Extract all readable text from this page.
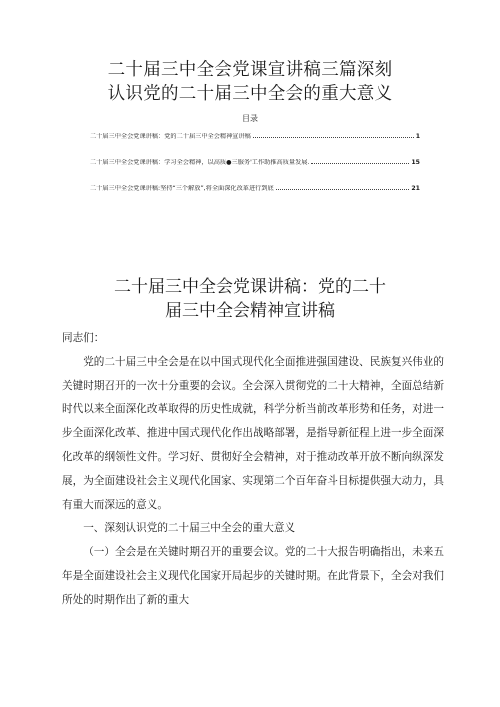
二十届三中全会党课宣讲稿三篇深刻
认识党的二十届三中全会的重大意义
目录
二十届三中全会党课讲稿：党的二十届三中全会精神宣讲稿	1
二十届三中全会党课讲稿：学习全会精神，以高质●三服务'工作助推高质量发展.	15
二十届三中全会党课讲稿:坚持“三个解放”,将全面深化改革进行到底	21
二十届三中全会党课讲稿：党的二十
届三中全会精神宣讲稿

同志们：

党的二十届三中全会是在以中国式现代化全面推进强国建设、民族复兴伟业的关键时期召开的一次十分重要的会议。全会深入贯彻党的二十大精神，全面总结新时代以来全面深化改革取得的历史性成就，科学分析当前改革形势和任务，对进一步全面深化改革、推进中国式现代化作出战略部署，是指导新征程上进一步全面深化改革的纲领性文件。学习好、贯彻好全会精神，对于推动改革开放不断向纵深发展，为全面建设社会主义现代化国家、实现第二个百年奋斗目标提供强大动力，具有重大而深远的意义。

一、深刻认识党的二十届三中全会的重大意义

（一）全会是在关键时期召开的重要会议。党的二十大报告明确指出，未来五年是全面建设社会主义现代化国家开局起步的关键时期。在此背景下，全会对我们所处的时期作出了新的重大
